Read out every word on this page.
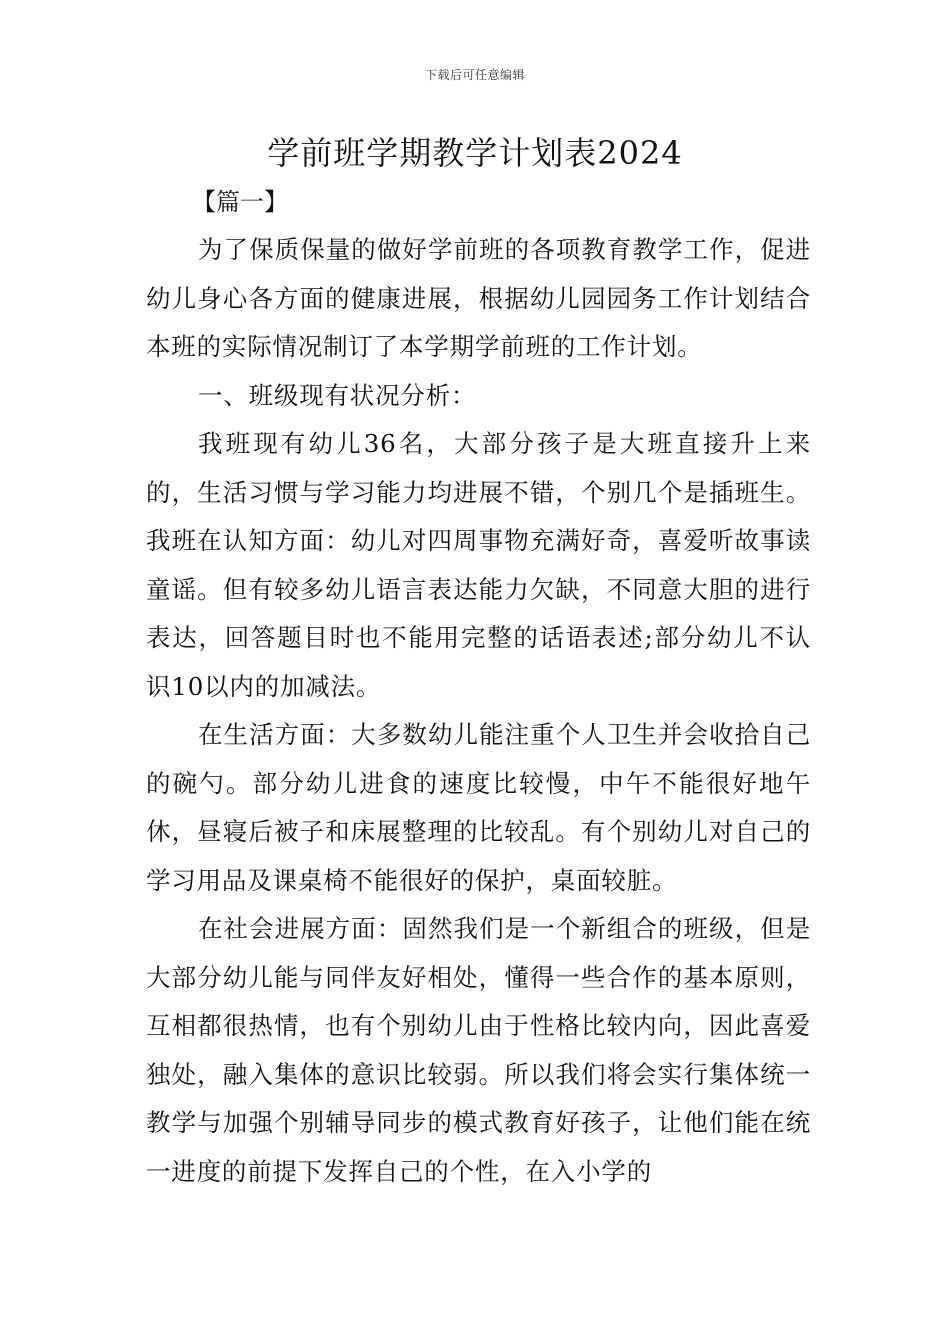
下载后可任意编辑
学前班学期教学计划表2024

【篇一】

为了保质保量的做好学前班的各项教育教学工作，促进幼儿身心各方面的健康进展，根据幼儿园园务工作计划结合本班的实际情况制订了本学期学前班的工作计划。

一、班级现有状况分析：

我班现有幼儿36名，大部分孩子是大班直接升上来的，生活习惯与学习能力均进展不错，个别几个是插班生。我班在认知方面：幼儿对四周事物充满好奇，喜爱听故事读童谣。但有较多幼儿语言表达能力欠缺，不同意大胆的进行表达，回答题目时也不能用完整的话语表述;部分幼儿不认识10以内的加减法。

在生活方面：大多数幼儿能注重个人卫生并会收拾自己的碗勺。部分幼儿进食的速度比较慢，中午不能很好地午休，昼寝后被子和床展整理的比较乱。有个别幼儿对自己的学习用品及课桌椅不能很好的保护，桌面较脏。

在社会进展方面：固然我们是一个新组合的班级，但是大部分幼儿能与同伴友好相处，懂得一些合作的基本原则，互相都很热情，也有个别幼儿由于性格比较内向，因此喜爱独处，融入集体的意识比较弱。所以我们将会实行集体统一教学与加强个别辅导同步的模式教育好孩子，让他们能在统一进度的前提下发挥自己的个性，在入小学的
